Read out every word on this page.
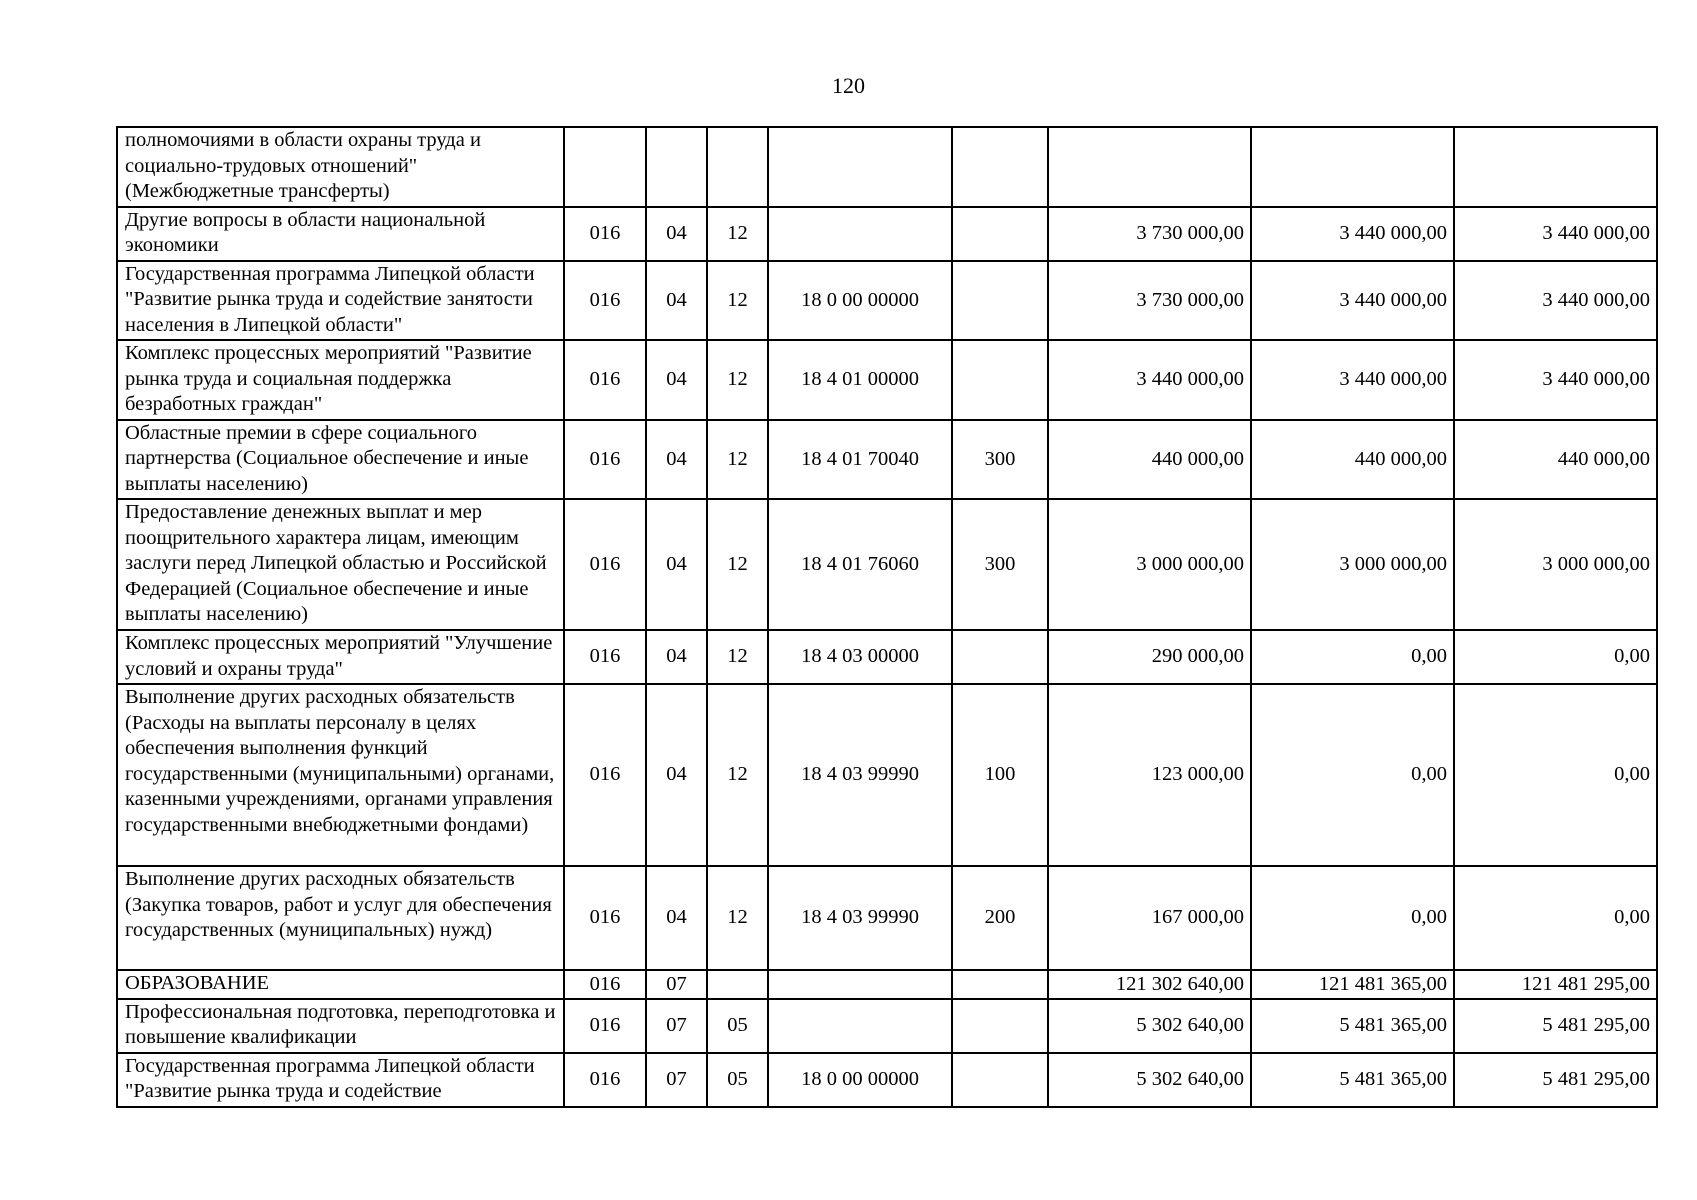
120
полномочиями в области охраны труда и социально-трудовых отношений" (Межбюджетные трансферты)								
Другие вопросы в области национальной экономики	016	04	12			3 730 000,00	3 440 000,00	3 440 000,00
Государственная программа Липецкой области "Развитие рынка труда и содействие занятости населения в Липецкой области"	016	04	12	18 0 00 00000		3 730 000,00	3 440 000,00	3 440 000,00
Комплекс процессных мероприятий "Развитие рынка труда и социальная поддержка безработных граждан"	016	04	12	18 4 01 00000		3 440 000,00	3 440 000,00	3 440 000,00
Областные премии в сфере социального партнерства (Социальное обеспечение и иные выплаты населению)	016	04	12	18 4 01 70040	300	440 000,00	440 000,00	440 000,00
Предоставление денежных выплат и мер поощрительного характера лицам, имеющим заслуги перед Липецкой областью и Российской Федерацией (Социальное обеспечение и иные выплаты населению)	016	04	12	18 4 01 76060	300	3 000 000,00	3 000 000,00	3 000 000,00
Комплекс процессных мероприятий "Улучшение условий и охраны труда"	016	04	12	18 4 03 00000		290 000,00	0,00	0,00
Выполнение других расходных обязательств (Расходы на выплаты персоналу в целях обеспечения выполнения функций государственными (муниципальными) органами, казенными учреждениями, органами управления государственными внебюджетными фондами)	016	04	12	18 4 03 99990	100	123 000,00	0,00	0,00
Выполнение других расходных обязательств (Закупка товаров, работ и услуг для обеспечения государственных (муниципальных) нужд)	016	04	12	18 4 03 99990	200	167 000,00	0,00	0,00
ОБРАЗОВАНИЕ	016	07				121 302 640,00	121 481 365,00	121 481 295,00
Профессиональная подготовка, переподготовка и повышение квалификации	016	07	05			5 302 640,00	5 481 365,00	5 481 295,00
Государственная программа Липецкой области "Развитие рынка труда и содействие	016	07	05	18 0 00 00000		5 302 640,00	5 481 365,00	5 481 295,00
